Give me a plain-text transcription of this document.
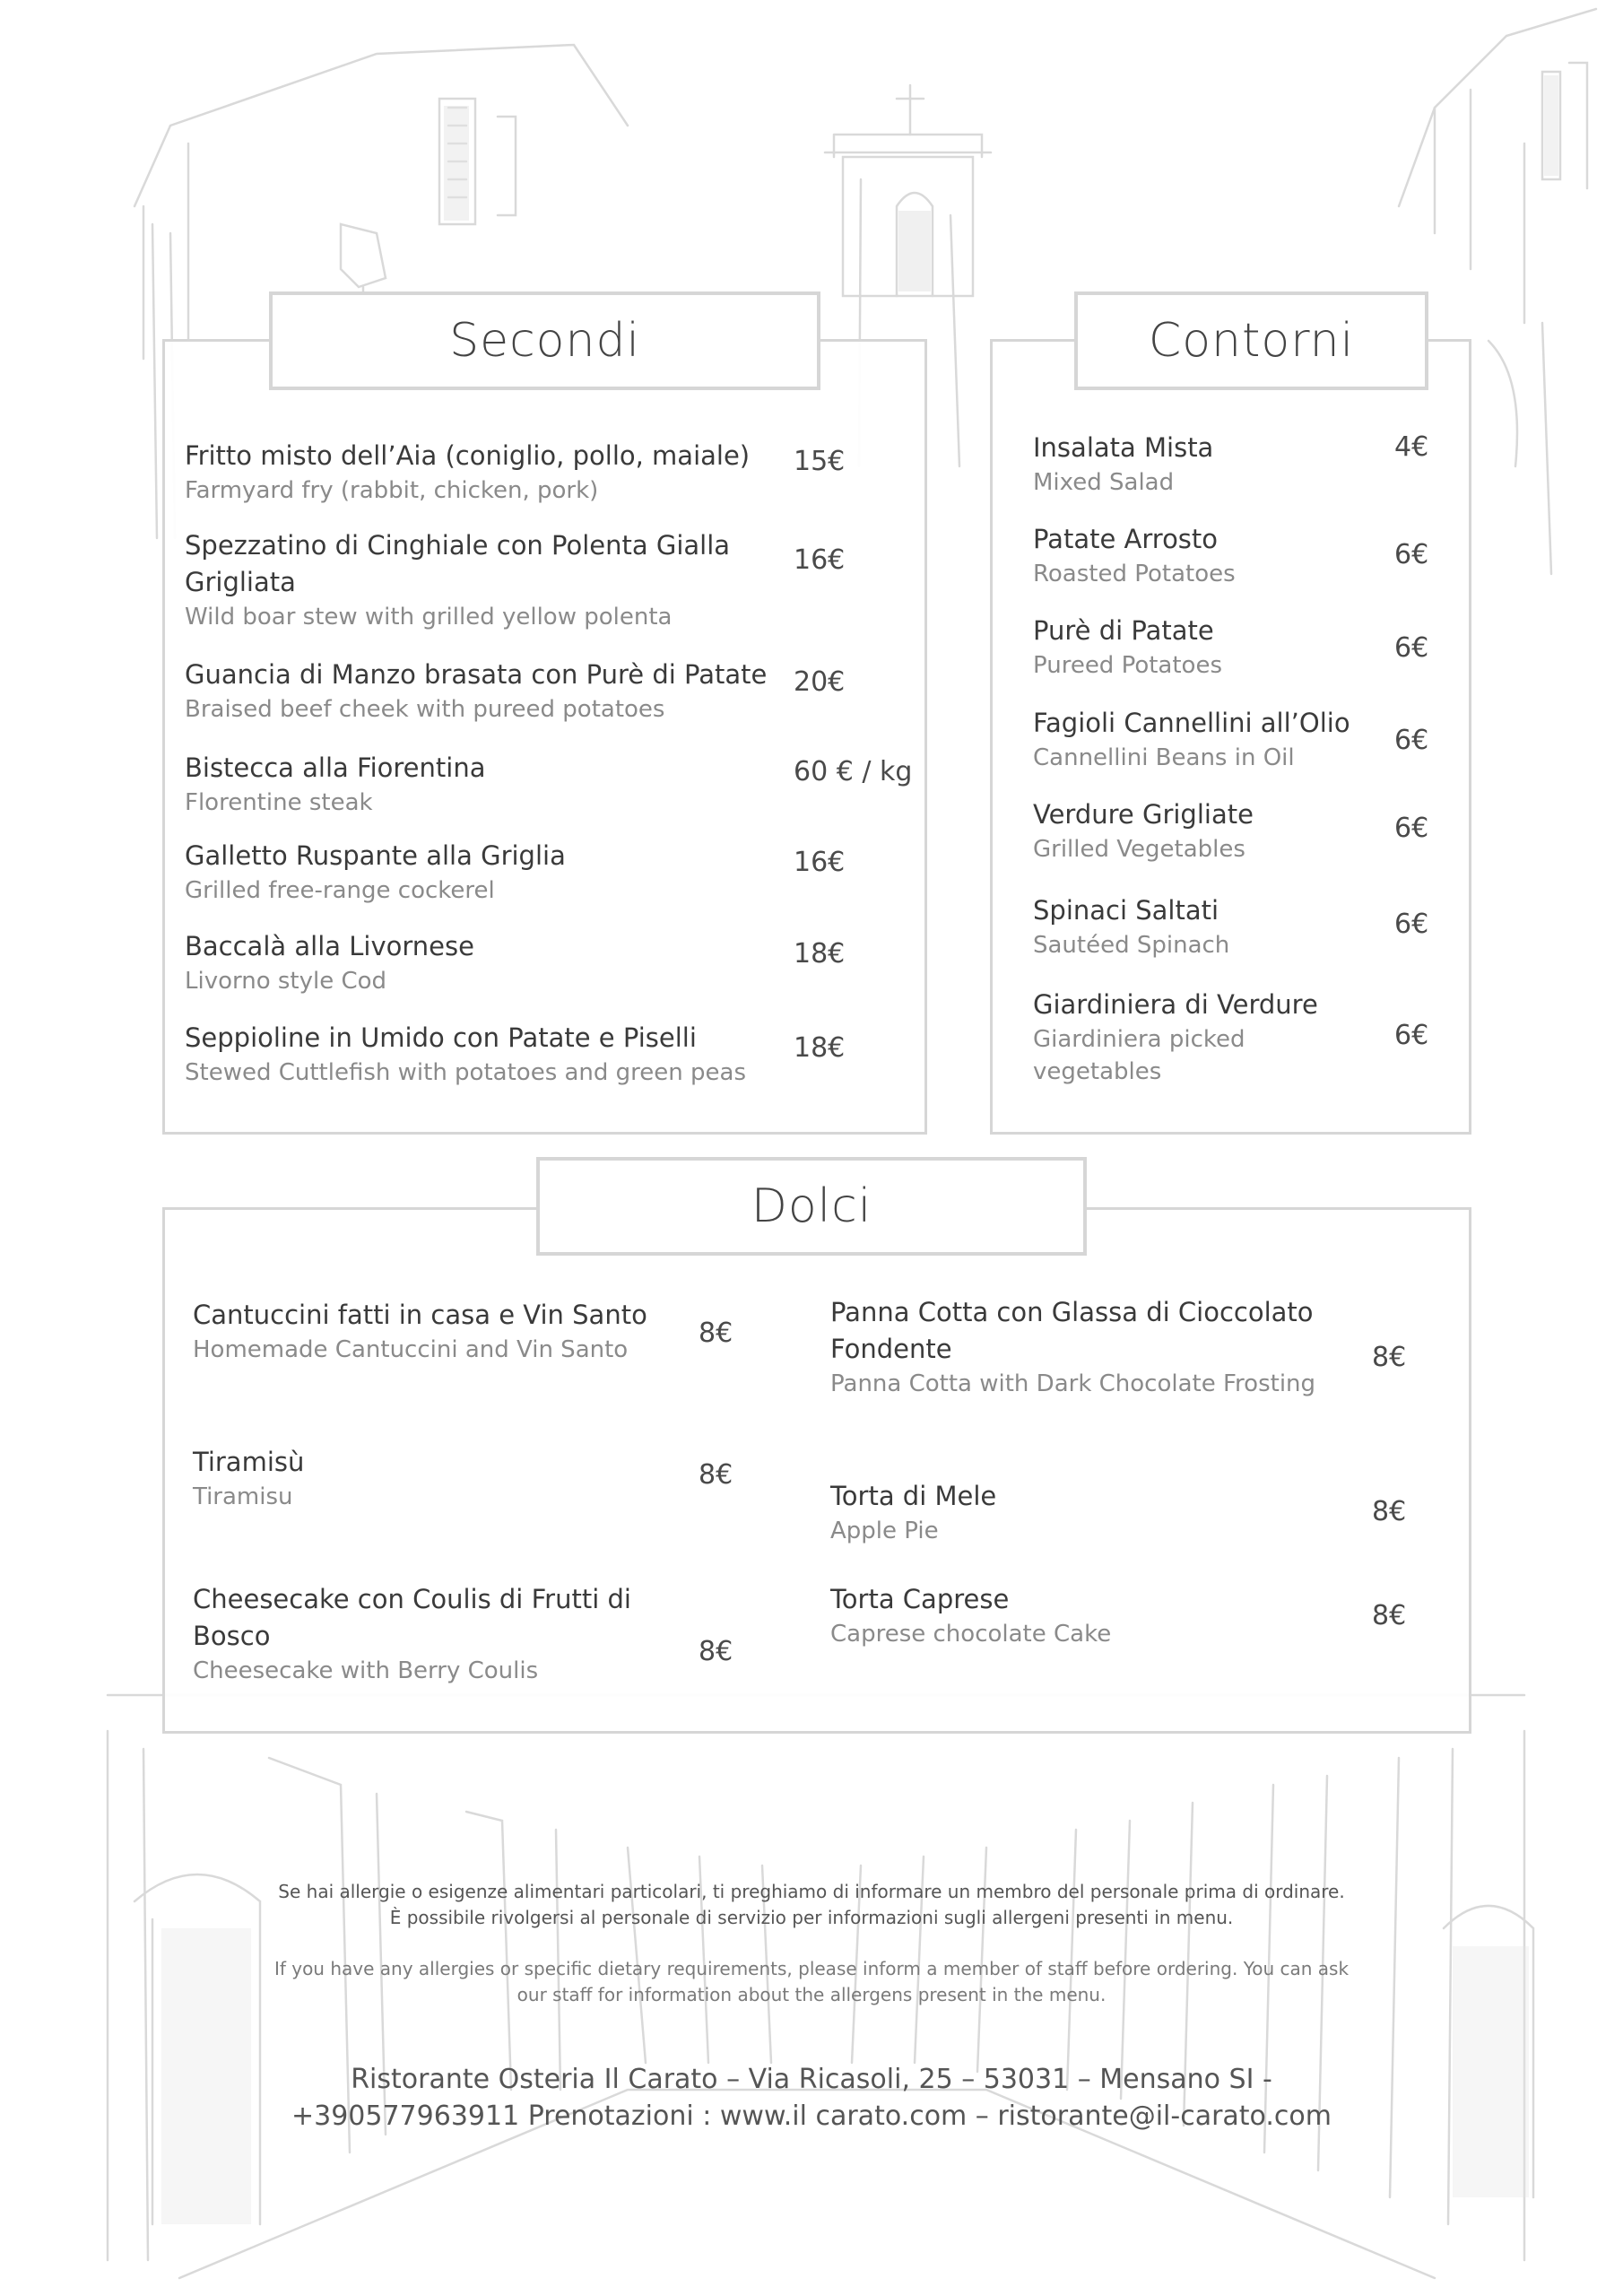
Secondi
Fritto misto dell’Aia (coniglio, pollo, maiale)
Farmyard fry (rabbit, chicken, pork)
15€
Spezzatino di Cinghiale con Polenta Gialla Grigliata
Wild boar stew with grilled yellow polenta
16€
Guancia di Manzo brasata con Purè di Patate
Braised beef cheek with pureed potatoes
20€
Bistecca alla Fiorentina
Florentine steak
60 € / kg
Galletto Ruspante alla Griglia
Grilled free-range cockerel
16€
Baccalà alla Livornese
Livorno style Cod
18€
Seppioline in Umido con Patate e Piselli
Stewed Cuttlefish with potatoes and green peas
18€
Contorni
Insalata Mista
Mixed Salad
4€
Patate Arrosto
Roasted Potatoes
6€
Purè di Patate
Pureed Potatoes
6€
Fagioli Cannellini all’Olio
Cannellini Beans in Oil
6€
Verdure Grigliate
Grilled Vegetables
6€
Spinaci Saltati
Sautéed Spinach
6€
Giardiniera di Verdure
Giardiniera picked vegetables
6€
Dolci
Cantuccini fatti in casa e Vin Santo
Homemade Cantuccini and Vin Santo
8€
Panna Cotta con Glassa di Cioccolato Fondente
Panna Cotta with Dark Chocolate Frosting
8€
Tiramisù
Tiramisu
8€
Torta di Mele
Apple Pie
8€
Cheesecake con Coulis di Frutti di Bosco
Cheesecake with Berry Coulis
8€
Torta Caprese
Caprese chocolate Cake
8€
Se hai allergie o esigenze alimentari particolari, ti preghiamo di informare un membro del personale prima di ordinare. È possibile rivolgersi al personale di servizio per informazioni sugli allergeni presenti in menu.
If you have any allergies or specific dietary requirements, please inform a member of staff before ordering. You can ask our staff for information about the allergens present in the menu.
Ristorante Osteria Il Carato – Via Ricasoli, 25 – 53031 – Mensano SI -
+390577963911 Prenotazioni : www.il carato.com – ristorante@il-carato.com
